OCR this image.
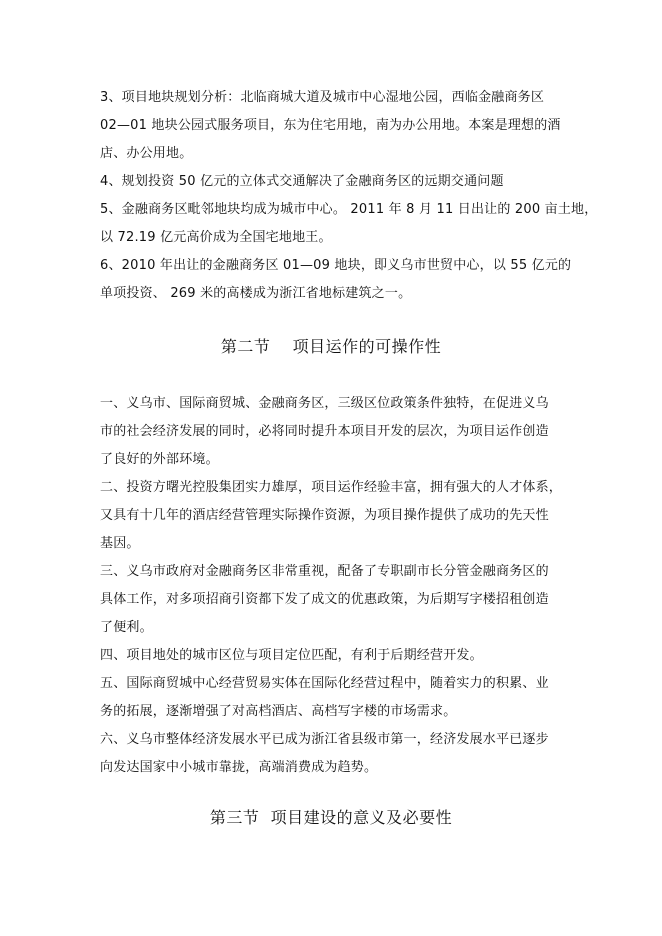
3、项目地块规划分析：北临商城大道及城市中心湿地公园，西临金融商务区
02—01 地块公园式服务项目，东为住宅用地，南为办公用地。本案是理想的酒
店、办公用地。
4、规划投资 50 亿元的立体式交通解决了金融商务区的远期交通问题
5、金融商务区毗邻地块均成为城市中心。 2011 年 8 月 11 日出让的 200 亩土地，
以 72.19 亿元高价成为全国宅地地王。
6、2010 年出让的金融商务区 01—09 地块，即义乌市世贸中心，以 55 亿元的
单项投资、 269 米的高楼成为浙江省地标建筑之一。
第二节    项目运作的可操作性
一、义乌市、国际商贸城、金融商务区，三级区位政策条件独特，在促进义乌
市的社会经济发展的同时，必将同时提升本项目开发的层次，为项目运作创造
了良好的外部环境。
二、投资方曙光控股集团实力雄厚，项目运作经验丰富，拥有强大的人才体系，
又具有十几年的酒店经营管理实际操作资源，为项目操作提供了成功的先天性
基因。
三、义乌市政府对金融商务区非常重视，配备了专职副市长分管金融商务区的
具体工作，对多项招商引资都下发了成文的优惠政策，为后期写字楼招租创造
了便利。
四、项目地处的城市区位与项目定位匹配，有利于后期经营开发。
五、国际商贸城中心经营贸易实体在国际化经营过程中，随着实力的积累、业
务的拓展，逐渐增强了对高档酒店、高档写字楼的市场需求。
六、义乌市整体经济发展水平已成为浙江省县级市第一，经济发展水平已逐步
向发达国家中小城市靠拢，高端消费成为趋势。
第三节  项目建设的意义及必要性
